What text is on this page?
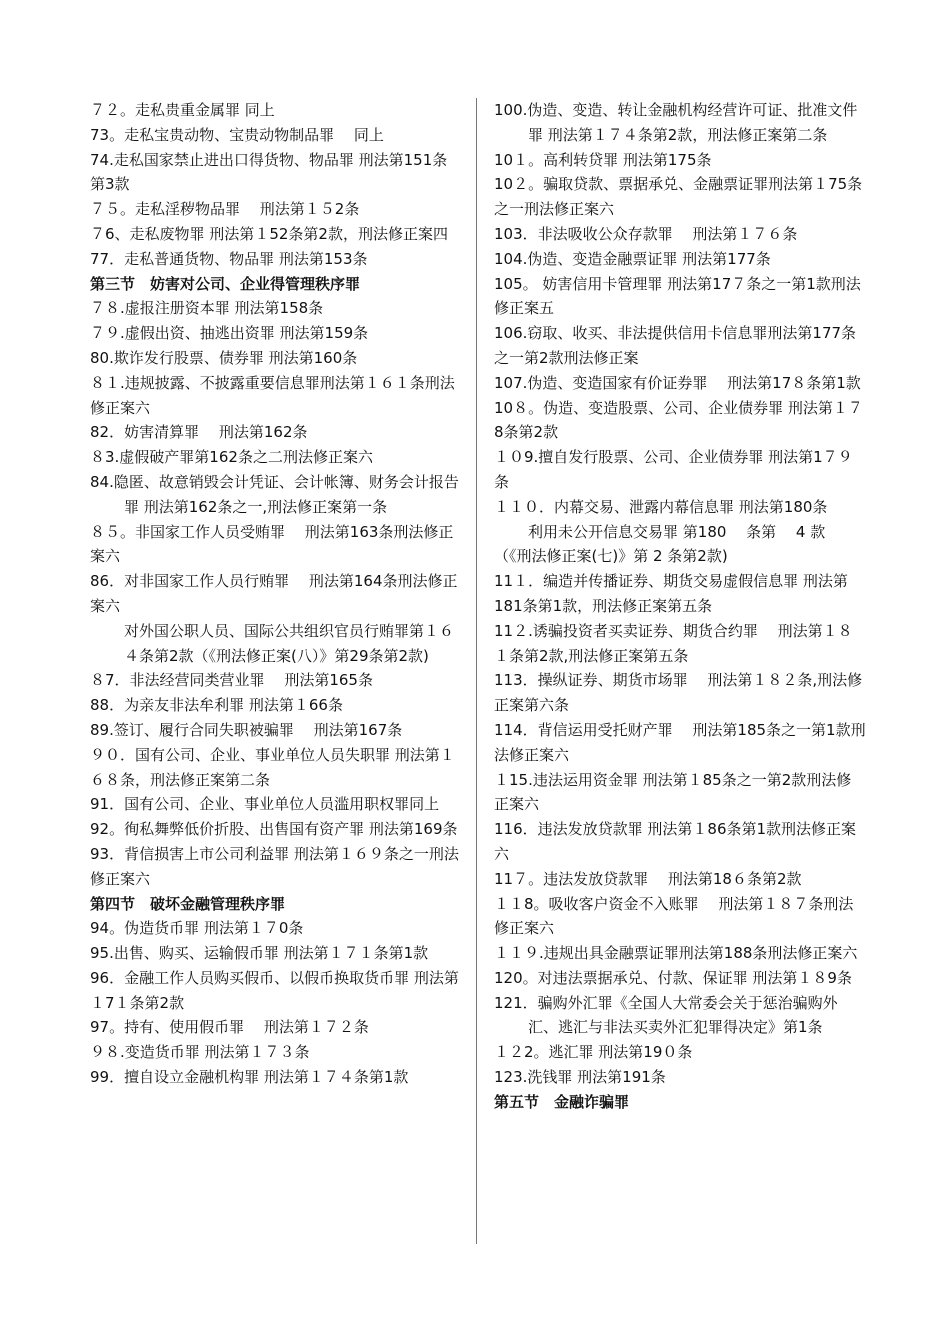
７２。走私贵重金属罪 同上

73。走私宝贵动物、宝贵动物制品罪　 同上

74.走私国家禁止进出口得货物、物品罪 刑法第151条第3款

７５。走私淫秽物品罪　 刑法第１５2条

７6、走私废物罪 刑法第１52条第2款，刑法修正案四

77．走私普通货物、物品罪 刑法第153条

第三节　妨害对公司、企业得管理秩序罪

７８.虚报注册资本罪 刑法第158条

７９.虚假出资、抽逃出资罪 刑法第159条

80.欺诈发行股票、债券罪 刑法第160条

８１.违规披露、不披露重要信息罪刑法第１６１条刑法修正案六

82．妨害清算罪　 刑法第162条

８3.虚假破产罪第162条之二刑法修正案六

84.隐匿、故意销毁会计凭证、会计帐簿、财务会计报告罪 刑法第162条之一,刑法修正案第一条

８５。非国家工作人员受贿罪　 刑法第163条刑法修正案六

86．对非国家工作人员行贿罪　 刑法第164条刑法修正案六

对外国公职人员、国际公共组织官员行贿罪第１６４条第2款（《刑法修正案(八）》第29条第2款)

８7．非法经营同类营业罪　 刑法第165条

88．为亲友非法牟利罪 刑法第１66条

89.签订、履行合同失职被骗罪　 刑法第167条

９０．国有公司、企业、事业单位人员失职罪 刑法第１６８条，刑法修正案第二条

91．国有公司、企业、事业单位人员滥用职权罪同上

92。徇私舞弊低价折股、出售国有资产罪 刑法第169条

93．背信损害上市公司利益罪 刑法第１６９条之一刑法修正案六

第四节　破坏金融管理秩序罪

94。伪造货币罪 刑法第１７0条

95.出售、购买、运输假币罪 刑法第１７１条第1款

96．金融工作人员购买假币、以假币换取货币罪 刑法第１7１条第2款

97。持有、使用假币罪　 刑法第１７２条

９８.变造货币罪 刑法第１７３条

99．擅自设立金融机构罪 刑法第１７４条第1款

100.伪造、变造、转让金融机构经营许可证、批准文件罪 刑法第１７４条第2款，刑法修正案第二条

10１。高利转贷罪 刑法第175条

10２。骗取贷款、票据承兑、金融票证罪刑法第１75条之一刑法修正案六

103．非法吸收公众存款罪　 刑法第１７６条

104.伪造、变造金融票证罪 刑法第177条

105。 妨害信用卡管理罪 刑法第17７条之一第1款刑法修正案五

106.窃取、收买、非法提供信用卡信息罪刑法第177条之一第2款刑法修正案

107.伪造、变造国家有价证券罪　 刑法第17８条第1款

10８。伪造、变造股票、公司、企业债券罪 刑法第１７8条第2款

１０9.擅自发行股票、公司、企业债券罪 刑法第1７９条

１１０．内幕交易、泄露内幕信息罪 刑法第180条

利用未公开信息交易罪 第180　 条第　 4 款

（《刑法修正案(七)》第 2 条第2款)

11１．编造并传播证券、期货交易虚假信息罪 刑法第181条第1款，刑法修正案第五条

11２.诱骗投资者买卖证券、期货合约罪　 刑法第１８１条第2款,刑法修正案第五条

113．操纵证券、期货市场罪　 刑法第１８２条,刑法修正案第六条

114．背信运用受托财产罪　 刑法第185条之一第1款刑法修正案六

１15.违法运用资金罪 刑法第１85条之一第2款刑法修正案六

116．违法发放贷款罪 刑法第１86条第1款刑法修正案六

11７。违法发放贷款罪　 刑法第18６条第2款

１１8。吸收客户资金不入账罪　 刑法第１８７条刑法修正案六

１１９.违规出具金融票证罪刑法第188条刑法修正案六

120。对违法票据承兑、付款、保证罪 刑法第１８9条

121．骗购外汇罪《全国人大常委会关于惩治骗购外汇、逃汇与非法买卖外汇犯罪得决定》第1条

１２2。逃汇罪 刑法第19０条

123.洗钱罪 刑法第191条

第五节　金融诈骗罪
